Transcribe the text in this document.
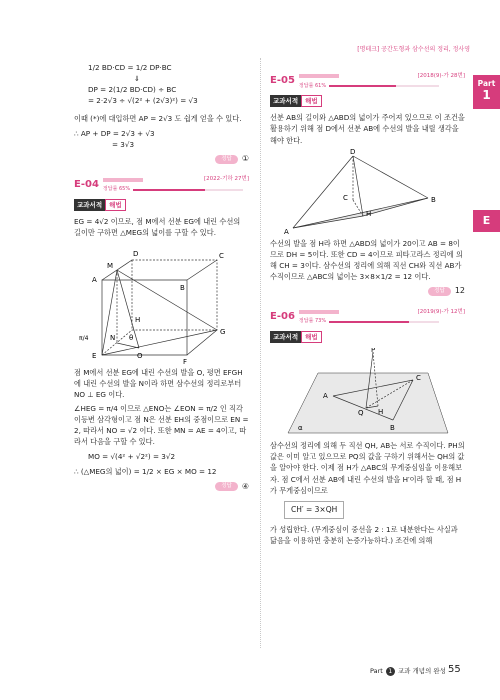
[명테크] 공간도형과 삼수선의 정리, 정사영
Part
1
E
1/2 BD·CD = 1/2 DP·BC
⇓
DP = 2(1/2 BD·CD) ÷ BC
= 2·2√3 ÷ √(2² + (2√3)²) = √3

이때 (*)에 대입하면 AP = 2√3 도 쉽게 얻을 수 있다.

∴ AP + DP = 2√3 + √3
= 3√3
정답	①
E-04	[2022-기하 27번]
정답률 65%
교과서적	해법

EG = 4√2 이므로, 점 M에서 선분 EG에 내린 수선의 길이만 구하면 △MEG의 넓이를 구할 수 있다.

D	C
M
A
B
H
N θ
G
E	O
F
π/4

점 M에서 선분 EG에 내린 수선의 발을 O, 평면 EFGH에 내린 수선의 발을 N이라 하면 삼수선의 정리로부터 NO ⊥ EG 이다.

∠HEG = π/4 이므로 △ENO는 ∠EON = π/2 인 직각이등변 삼각형이고 점 N은 선분 EH의 중점이므로 EN = 2, 따라서 NO = √2 이다. 또한 MN = AE = 4이고, 따라서 다음을 구할 수 있다.

MO = √(4² + √2²) = 3√2
∴ (△MEG의 넓이) = 1/2 × EG × MO = 12
정답	④
E-05	[2018(9)-가 28번]
정답률 61%
교과서적	해법

선분 AB의 길이와 △ABD의 넓이가 주어져 있으므로 이 조건을 활용하기 위해 점 D에서 선분 AB에 수선의 발을 내릴 생각을 해야 한다.

D
C	B
H
A

수선의 발을 점 H라 하면 △ABD의 넓이가 20이고 AB = 8이므로 DH = 5이다. 또한 CD = 4이므로 피타고라스 정리에 의해 CH = 3이다. 삼수선의 정리에 의해 직선 CH와 직선 AB가 수직이므로 △ABC의 넓이는 3×8×1/2 = 12 이다.

정답	12
E-06	[2019(9)-가 12번]
정답률 73%
교과서적	해법
P
C
A
Q H
B
α

삼수선의 정리에 의해 두 직선 QH, AB는 서로 수직이다. PH의 값은 이미 알고 있으므로 PQ의 값을 구하기 위해서는 QH의 값을 알아야 한다. 이제 점 H가 △ABC의 무게중심임을 이용해보자. 점 C에서 선분 AB에 내린 수선의 발을 H′이라 할 때, 점 H가 무게중심이므로

CH′ = 3×QH

가 성립한다. (무게중심이 중선을 2 : 1로 내분한다는 사실과 닮음을 이용하면 충분히 논증가능하다.) 조건에 의해

Part 1 교과 개념의 완성 55
